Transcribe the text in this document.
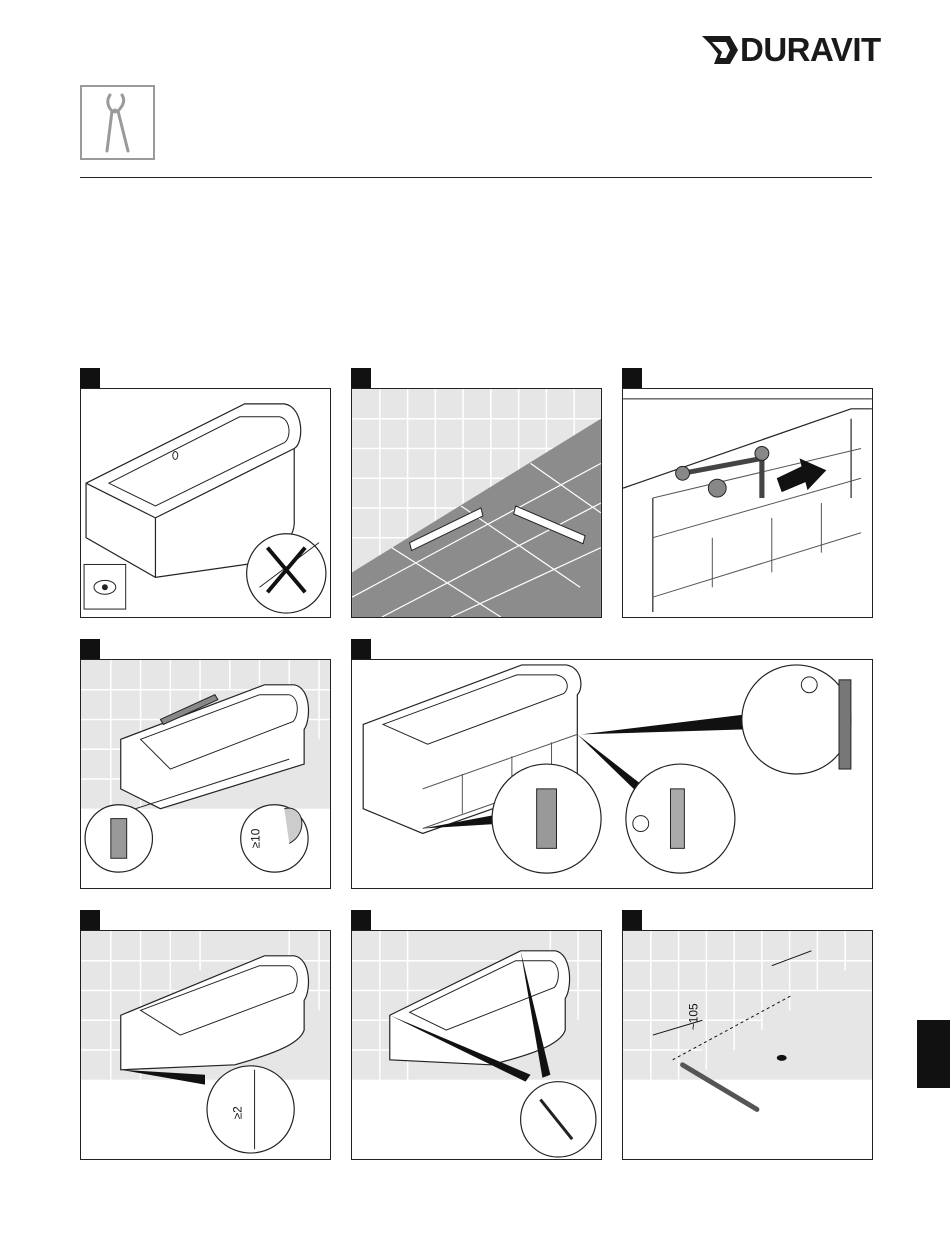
DURAVIT
≥10
≥2
~105
